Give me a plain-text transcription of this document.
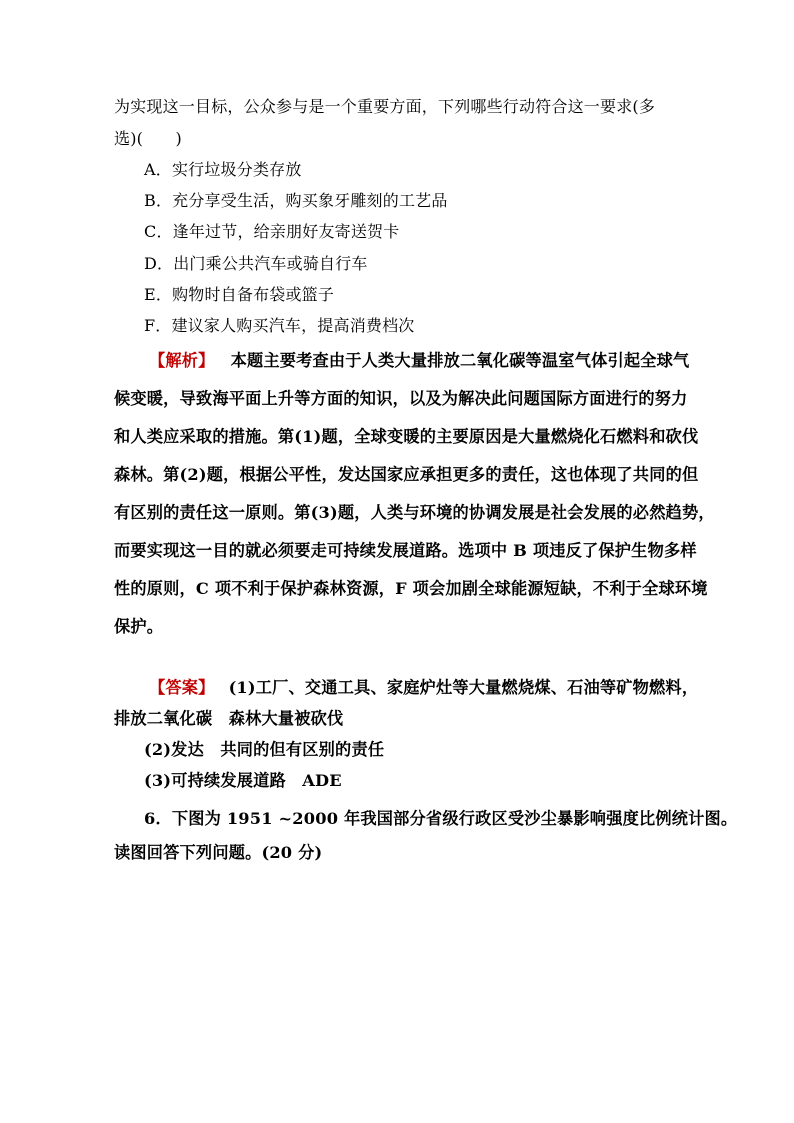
为实现这一目标，公众参与是一个重要方面，下列哪些行动符合这一要求(多
选)(　　)
A．实行垃圾分类存放
B．充分享受生活，购买象牙雕刻的工艺品
C．逢年过节，给亲朋好友寄送贺卡
D．出门乘公共汽车或骑自行车
E．购物时自备布袋或篮子
F．建议家人购买汽车，提高消费档次
【解析】 本题主要考查由于人类大量排放二氧化碳等温室气体引起全球气
候变暖，导致海平面上升等方面的知识，以及为解决此问题国际方面进行的努力
和人类应采取的措施。第(1)题，全球变暖的主要原因是大量燃烧化石燃料和砍伐
森林。第(2)题，根据公平性，发达国家应承担更多的责任，这也体现了共同的但
有区别的责任这一原则。第(3)题，人类与环境的协调发展是社会发展的必然趋势，
而要实现这一目的就必须要走可持续发展道路。选项中 B 项违反了保护生物多样
性的原则，C 项不利于保护森林资源，F 项会加剧全球能源短缺，不利于全球环境
保护。
【答案】 (1)工厂、交通工具、家庭炉灶等大量燃烧煤、石油等矿物燃料，
排放二氧化碳　森林大量被砍伐
(2)发达　共同的但有区别的责任
(3)可持续发展道路　ADE
6．下图为 1951 ~2000 年我国部分省级行政区受沙尘暴影响强度比例统计图。
读图回答下列问题。(20 分)
